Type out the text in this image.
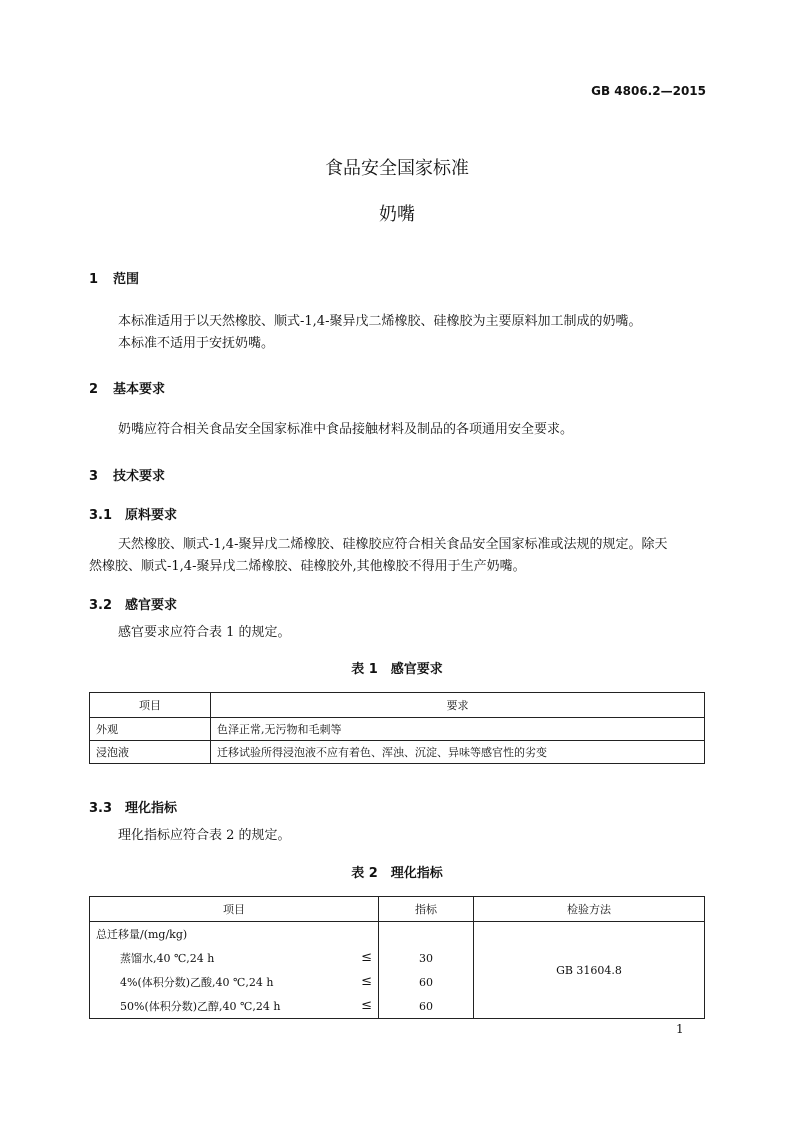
GB 4806.2—2015
食品安全国家标准
奶嘴
1 范围
本标准适用于以天然橡胶、顺式-1,4-聚异戊二烯橡胶、硅橡胶为主要原料加工制成的奶嘴。
本标准不适用于安抚奶嘴。
2 基本要求
奶嘴应符合相关食品安全国家标准中食品接触材料及制品的各项通用安全要求。
3 技术要求
3.1 原料要求
天然橡胶、顺式-1,4-聚异戊二烯橡胶、硅橡胶应符合相关食品安全国家标准或法规的规定。除天
然橡胶、顺式-1,4-聚异戊二烯橡胶、硅橡胶外,其他橡胶不得用于生产奶嘴。
3.2 感官要求
感官要求应符合表 1 的规定。
表 1　感官要求
项目	要求
外观	色泽正常,无污物和毛刺等
浸泡液	迁移试验所得浸泡液不应有着色、浑浊、沉淀、异味等感官性的劣变
3.3 理化指标
理化指标应符合表 2 的规定。
表 2　理化指标
项目	指标	检验方法
总迁移量/(mg/kg)		GB 31604.8
蒸馏水,40 ℃,24 h ≤	30	
4%(体积分数)乙酸,40 ℃,24 h ≤	60	
50%(体积分数)乙醇,40 ℃,24 h ≤	60	
1
